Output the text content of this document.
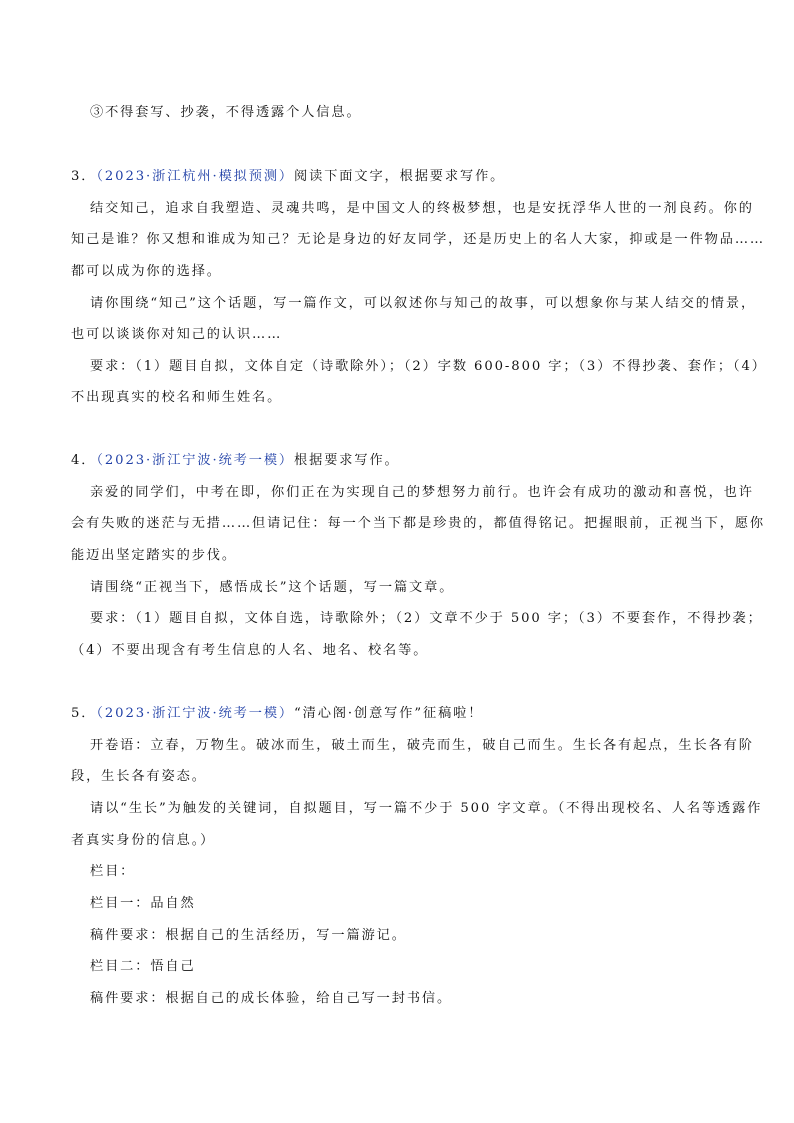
③不得套写、抄袭，不得透露个人信息。
3．（2023·浙江杭州·模拟预测）阅读下面文字，根据要求写作。
结交知己，追求自我塑造、灵魂共鸣，是中国文人的终极梦想，也是安抚浮华人世的一剂良药。你的
知己是谁？你又想和谁成为知己？无论是身边的好友同学，还是历史上的名人大家，抑或是一件物品……
都可以成为你的选择。
请你围绕“知己”这个话题，写一篇作文，可以叙述你与知己的故事，可以想象你与某人结交的情景，
也可以谈谈你对知己的认识……
要求：（1）题目自拟，文体自定（诗歌除外）；（2）字数 600-800 字；（3）不得抄袭、套作；（4）
不出现真实的校名和师生姓名。
4．（2023·浙江宁波·统考一模）根据要求写作。
亲爱的同学们，中考在即，你们正在为实现自己的梦想努力前行。也许会有成功的激动和喜悦，也许
会有失败的迷茫与无措……但请记住：每一个当下都是珍贵的，都值得铭记。把握眼前，正视当下，愿你
能迈出坚定踏实的步伐。
请围绕“正视当下，感悟成长”这个话题，写一篇文章。
要求：（1）题目自拟，文体自选，诗歌除外；（2）文章不少于 500 字；（3）不要套作，不得抄袭；
（4）不要出现含有考生信息的人名、地名、校名等。
5．（2023·浙江宁波·统考一模）“清心阁·创意写作”征稿啦！
开卷语：立春，万物生。破冰而生，破土而生，破壳而生，破自己而生。生长各有起点，生长各有阶
段，生长各有姿态。
请以“生长”为触发的关键词，自拟题目，写一篇不少于 500 字文章。（不得出现校名、人名等透露作
者真实身份的信息。）
栏目：
栏目一：品自然
稿件要求：根据自己的生活经历，写一篇游记。
栏目二：悟自己
稿件要求：根据自己的成长体验，给自己写一封书信。
